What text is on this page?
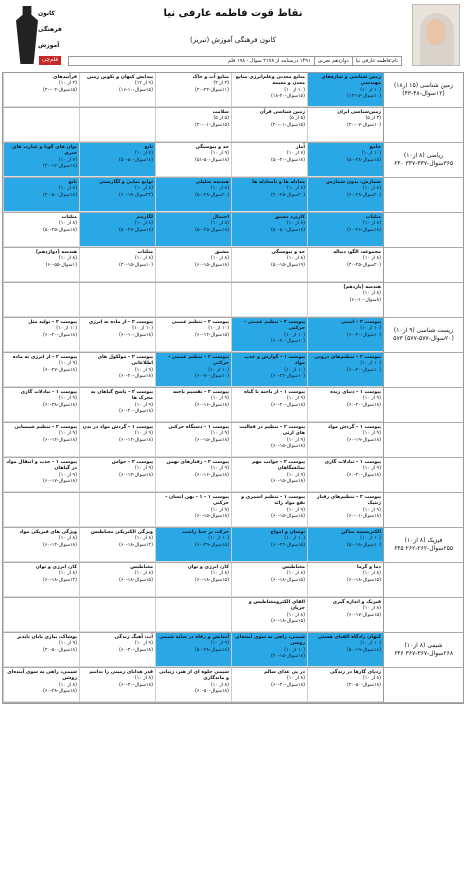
نقاط قوت فاطمه عارفی نیا
کانون فرهنگی آموزش (تبریز)
کانون
فرهنگی
آموزش
قلم‌چی	نام:فاطمه عارفی نیا
دوازدهم تجربی
۱۴۹۱ درسنامه از ۲۱۷۸ سوال - ۱۹۸ قلم
زمین شناسی (۱۵ از۱۸) (۱۲سوال-۴۸-۴۳)
زمین شناسی و سازه‌های مهندسی
(۱۰ از ۱۰)
(۱۰سوال-۱۷-۱۳)
منابع معدنی وعلم‌انرژی منابع معدن و معیمه
(۱۰ از ۱۰)
(۱۵سوال-۲۰-۱۸)
منابع آب و خاک
(۳ از ۳)
(۱۱سوال-۲۲-۲۰)
پیدایش کیهان و تکوین زمین
(۹ از ۱۲)
(۱۵سوال-۱۰-۱۶)
فرآیندهای
(۳ از ۱۰)
(۱۵سوال-۰۲-۴۰)
زمین‌شناسی ایران
(۳ از ۵)
(۱۰سوال-۰۷-۴۰)
زمین شناسی قرآن
(۵ از ۵)
(۱۵سوال-۰۱-۴۰)
سلامت
(۵ از ۵)
(۱۵سوال-۰۱-۴۰)
ریاضی (۸ از۱۰) ۳۶۵سوال-۳۳۷-۳۳۷ ۶۳۰
جامع
(۱۰ از۱۰)
(۱۵سوال-۳۸-۵۰)
آمار
(۷ از ۱۰)
(۱۸سوال-۴۰-۵۰)
حد و پیوستگی
(۹ از ۱۰)
(۱۸سوال-۵۰-۵۱)
تابع
(۷ از ۱۰)
(۱۸سوال-۵۰-۵۰)
توان های گویا و عبارت های جبری
(۷ از ۱۰)
(۱۸سوال-۱۲-۴۰)
شمارش، بدون شمارش
(۸ از ۱۰)
(۲۰سوال-۲۸-۶۰)
معادله ها و نامعادله ها
(۸ از ۱۰)
(۲۰سوال-۲۵-۴۰)
هندسه تحلیلی
(۸ از ۱۰)
(۲۰سوال-۲۸-۵۰)
توابع نمایی و لگاریتمی
(۸ از ۱۰)
(۲۳سوال-۱۸-۶۰)
تابع
(۸ از ۱۰)
(۱۸سوال-۵۰-۴۰)
مثلثات
(۸ از ۱۰)
(۱۸سوال-۲۶-۶۰)
کاربرد مشتق
(۸ از ۱۰)
(۱۸سوال-۵۰-۵۰)
احتمال
(۸ از ۱۰)
(۱۸سوال-۲۵-۵۰)
لگاریتم
(۸ از ۱۰)
(۱۸سوال-۲۷-۵۰)
مثلثات
(۸ از ۱۰)
(۱۸سوال-۲۵-۵۰)
مجموعه، الگو، دنباله
(۸ از ۱۰)
(۲۰سوال-۲۵-۴۰)
حد و پیوستگی
(۸ از ۱۰)
(۱۹سوال-۱۵-۵۰)
مشتق
(۸ از ۱۰)
(۱۸سوال-۱۵-۶۰)
مثلثات
(۸ از ۱۰)
(۱۰سوال-۱۵-۴۰)
هندسه (دوازدهم)
(۸ از ۱۰)
(۱سوال-۵۵-۶۰)
هندسه (یازدهم)
(۸ از ۱۰)
(۸سوال-۱۰-۶۰)
زیست شناسی (۹ از۱۰) (۲۰سوال-۵۷۷-۵۷۷) ۵۷۳
پیوست ۲ - ایمنی
(۱۰ از ۱۰)
(۱۰سوال-۴۰-۶۰)
پیوست ۲ - تنظیم عصبی - حرکتی
(۱۰ از ۱۰)
(۱۰سوال-۷۰-۶۰)
پیوست ۲ - تنظیم عصبی
(۱۰ از ۱۰)
(۱۵سوال-۱۲-۶۰)
پیوست ۲ - از ماده به انرژی
(۱۰ از ۱۰)
(۱۸سوال-۱۰-۶۰)
پیوست ۲ - تولید مثل
(۱۰ از ۱۰)
(۱۸سوال-۲۰-۶۰)
پیوست ۲ - تنظیم‌های درونی
(۱۰ از ۱۰)
(۱۰سوال-۴۰-۶۰)
پیوست ۱ - گوارش و جذب مواد
(۱۰ از ۱۰)
(۱۰سوال-۲۲-۶۰)
پیوست ۲ - تنظیم عصبی - حرکتی
(۱۰ از ۱۰)
(۱۰سوال-۷۰-۶۰)
پیوست ۲ - مولکول های اطلاعاتی
(۹ از ۱۰)
(۱۸سوال-۲۰-۶۰)
پیوست ۲ - از انرژی به ماده
(۹ از ۱۰)
(۱۸سوال-۲۷-۶۰)
پیوست ۱ - دنیای زنده
(۹ از ۱۰)
(۱۸سوال-۴۰-۶۰)
پیوست ۱ - از یاخته تا گیاه
(۹ از ۱۰)
(۱۸سوال-۲۰-۶۰)
پیوست ۲ - تقسیم یاخته
(۹ از ۱۰)
(۱۸سوال-۱۶-۶۰)
پیوست ۲ - پاسخ گیاهان به محرک ها
(۹ از ۱۰)
(۱۸سوال-۲۰-۶۰)
پیوست ۱ - تبادلات گازی
(۹ از ۱۰)
(۱۸سوال-۳۸-۶۰)
پیوست ۱ - گردش مواد
(۹ از ۱۰)
(۱۸سوال-۱۹-۶۰)
پیوست ۲ - تنظیم در فعالیت های ارثی
(۹ از ۱۰)
(۱۸سوال-۱۵-۶۰)
پیوست ۱ - دستگاه حرکتی
(۹ از ۱۰)
(۱۸سوال-۱۵-۶۰)
پیوست ۱ - گردش مواد در بدن
(۹ از ۱۰)
(۱۸سوال-۱۴-۶۰)
پیوست ۲ - تنظیم شیمیایی
(۹ از ۱۰)
(۱۸سوال-۱۴-۶۰)
پیوست ۱ - تبادلات گازی
(۹ از ۱۰)
(۱۸سوال-۲۰-۶۰)
پیوست ۲ - جوانب مهم نماتشگاهان
(۹ از ۱۰)
(۱۸سوال-۱۵-۶۰)
پیوست ۲ - رفتارهای نهمن
(۹ از ۱۰)
(۱۸سوال-۱۶-۶۰)
پیوست ۲ - حواس
(۹ از ۱۰)
(۱۸سوال-۱۳-۶۰)
پیوست ۱ - جذب و انتقال مواد در گیاهان
(۹ از ۱۰)
(۱۸سوال-۱۷-۶۰)
پیوست ۲ - تنظیم‌های رفتار ژنتیک
(۹ از ۱۰)
(۱۸سوال-۰۱-۶۰)
پیوست ۱ - تنظیم اسمزی و تفع مواد زائد
(۹ از ۱۰)
(۱۸سوال-۱۵-۶۰)
پیوست ۱ - ۱ - بهن انسان - حرکتی
(۹ از ۱۰)
(۱۸سوال-۱۵-۶۰)
فیزیک (۸ از۱۰) ۲۵۵سوال-۲۶۲-۲۶۲ ۶۴۵
الکتریسیته ساکن
(۱۰ از ۱۰)
(۱۰سوال-۱۸-۵۰)
نوسان و امواج
(۱۰ از ۱۰)
(۱۵سوال-۲۴-۶۰)
حرکت بر خط راست
(۱۰ از ۱۰)
(۱۵سوال-۲۹-۶۰)
ویژگی الکتریکی مغناطیس
(۸ از ۱۰)
(۱۲سوال-۱۸-۶۰)
ویژگی های فیزیکی مواد
(۸ از ۱۰)
(۱۸سوال-۱۴-۶۰)
دما و گرما
(۸ از ۱۰)
(۱۵سوال-۱۸-۶۰)
مغناطیس
(۸ از ۱۰)
(۱۵سوال-۱۸-۶۰)
کار، انرژی و توان
(۸ از ۱۰)
(۱۵سوال-۱۸-۶۰)
مغناطیس
(۸ از ۱۰)
(۱۵سوال-۱۸-۶۰)
کار، انرژی و توان
(۸ از ۱۰)
(۱۲سوال-۱۸-۶۰)
فیزیک و اندازه گیری
(۸ از ۱۰)
(۱۵سوال-۱۷-۶۰)
القای الکترومغناطیس و جریان
(۸ از ۱۰)
(۱۵سوال-۱۸-۶۰)
شیمی (۸ از۱۰) ۲۶۸سوال-۳۶۷-۳۶۷ ۶۴۶
کیهان زادگاه الفبای هستی
(۱۰ از ۱۰)
(۱۸سوال-۱۹-۵۰)
شیمی، راهی به سوی آینده‌ای روشن
(۱۰ از ۱۰)
(۱۸سوال-۱۵-۴۰)
آسایش و رفاه در سایه شیمی
(۹ از ۱۰)
(۱۸سوال-۳۸-۵۰)
آب، آهنگ زندگی
(۹ از ۱۰)
(۱۸سوال-۴۰-۶۰)
پوشاک، نیازی پایان ناپذیر
(۹ از ۱۰)
(۱۸سوال-۵۰-۴۰)
ردپای گازها در زندگی
(۸ از ۱۰)
(۱۸سوال-۵۰-۴۰)
در پی غذای سالم
(۸ از ۱۰)
(۱۸سوال-۴۰-۶۰)
شیمی جلوه ای از هنر، زیبایی و ماندگاری
(۸ از ۱۰)
(۱۸سوال-۵۰-۶۰)
قدر هدایای زمینی را بدانیم
(۸ از ۱۰)
(۱۸سوال-۳۰-۶۰)
شیمی، راهی به سوی آینده‌ای روشن
(۸ از ۱۰)
(۱۸سوال-۲۸-۶۰)
